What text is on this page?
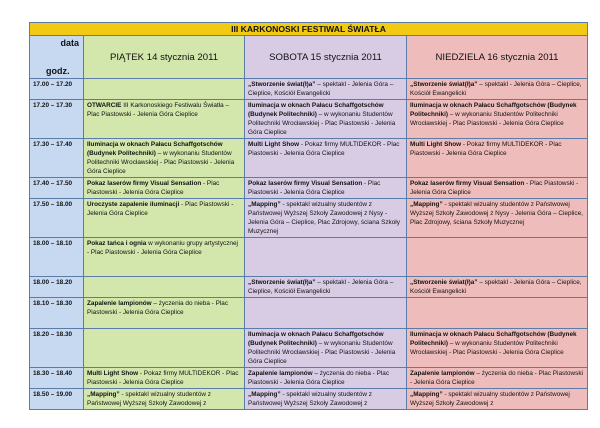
III KARKONOSKI FESTIWAL ŚWIATŁA			

data
godz.	PIĄTEK 14 stycznia 2011	SOBOTA 15 stycznia 2011	NIEDZIELA 16 stycznia 2011
17.00 – 17.20		„Stworzenie świat(ł)a” – spektakl - Jelenia Góra – Cieplice, Kościół Ewangelicki	„Stworzenie świat(ł)a” – spektakl - Jelenia Góra – Cieplice, Kościół Ewangelicki
17.20 – 17.30	OTWARCIE III Karkonoskiego Festiwalu Światła – Plac Piastowski - Jelenia Góra Cieplice	Iluminacja w oknach Pałacu Schaffgotschów (Budynek Politechniki) – w wykonaniu Studentów Politechniki Wrocławskiej - Plac Piastowski - Jelenia Góra Cieplice	Iluminacja w oknach Pałacu Schaffgotschów (Budynek Politechniki) – w wykonaniu Studentów Politechniki Wrocławskiej - Plac Piastowski - Jelenia Góra Cieplice
17.30 – 17.40	Iluminacja w oknach Pałacu Schaffgotschów (Budynek Politechniki) – w wykonaniu Studentów Politechniki Wrocławskiej - Plac Piastowski - Jelenia Góra Cieplice	Multi Light Show - Pokaz firmy MULTIDEKOR - Plac Piastowski - Jelenia Góra Cieplice	Multi Light Show - Pokaz firmy MULTIDEKOR - Plac Piastowski - Jelenia Góra Cieplice
17.40 – 17.50	Pokaz laserów firmy Visual Sensation - Plac Piastowski - Jelenia Góra Cieplice	Pokaz laserów firmy Visual Sensation - Plac Piastowski - Jelenia Góra Cieplice	Pokaz laserów firmy Visual Sensation - Plac Piastowski - Jelenia Góra Cieplice
17.50 – 18.00	Uroczyste zapalenie iluminacji - Plac Piastowski - Jelenia Góra Cieplice	„Mapping” - spektakl wizualny studentów z Państwowej Wyższej Szkoły Zawodowej z Nysy - Jelenia Góra – Cieplice, Plac Zdrojowy, ściana Szkoły Muzycznej	„Mapping” - spektakl wizualny studentów z Państwowej Wyższej Szkoły Zawodowej z Nysy - Jelenia Góra – Cieplice, Plac Zdrojowy, ściana Szkoły Muzycznej
18.00 – 18.10	Pokaz tańca i ognia w wykonaniu grupy artystycznej - Plac Piastowski - Jelenia Góra Cieplice		
18.00 – 18.20		„Stworzenie świat(ł)a” – spektakl - Jelenia Góra – Cieplice, Kościół Ewangelicki	„Stworzenie świat(ł)a” – spektakl - Jelenia Góra – Cieplice, Kościół Ewangelicki
18.10 – 18.30	Zapalenie lampionów – życzenia do nieba - Plac Piastowski - Jelenia Góra Cieplice		
18.20 – 18.30		Iluminacja w oknach Pałacu Schaffgotschów (Budynek Politechniki) – w wykonaniu Studentów Politechniki Wrocławskiej - Plac Piastowski - Jelenia Góra Cieplice	Iluminacja w oknach Pałacu Schaffgotschów (Budynek Politechniki) – w wykonaniu Studentów Politechniki Wrocławskiej - Plac Piastowski - Jelenia Góra Cieplice
18.30 – 18.40	Multi Light Show - Pokaz firmy MULTIDEKOR - Plac Piastowski - Jelenia Góra Cieplice	Zapalenie lampionów – życzenia do nieba - Plac Piastowski - Jelenia Góra Cieplice	Zapalenie lampionów – życzenia do nieba - Plac Piastowski - Jelenia Góra Cieplice
18.50 – 19.00	„Mapping” - spektakl wizualny studentów z Państwowej Wyższej Szkoły Zawodowej z	„Mapping” - spektakl wizualny studentów z Państwowej Wyższej Szkoły Zawodowej z	„Mapping” - spektakl wizualny studentów z Państwowej Wyższej Szkoły Zawodowej z
